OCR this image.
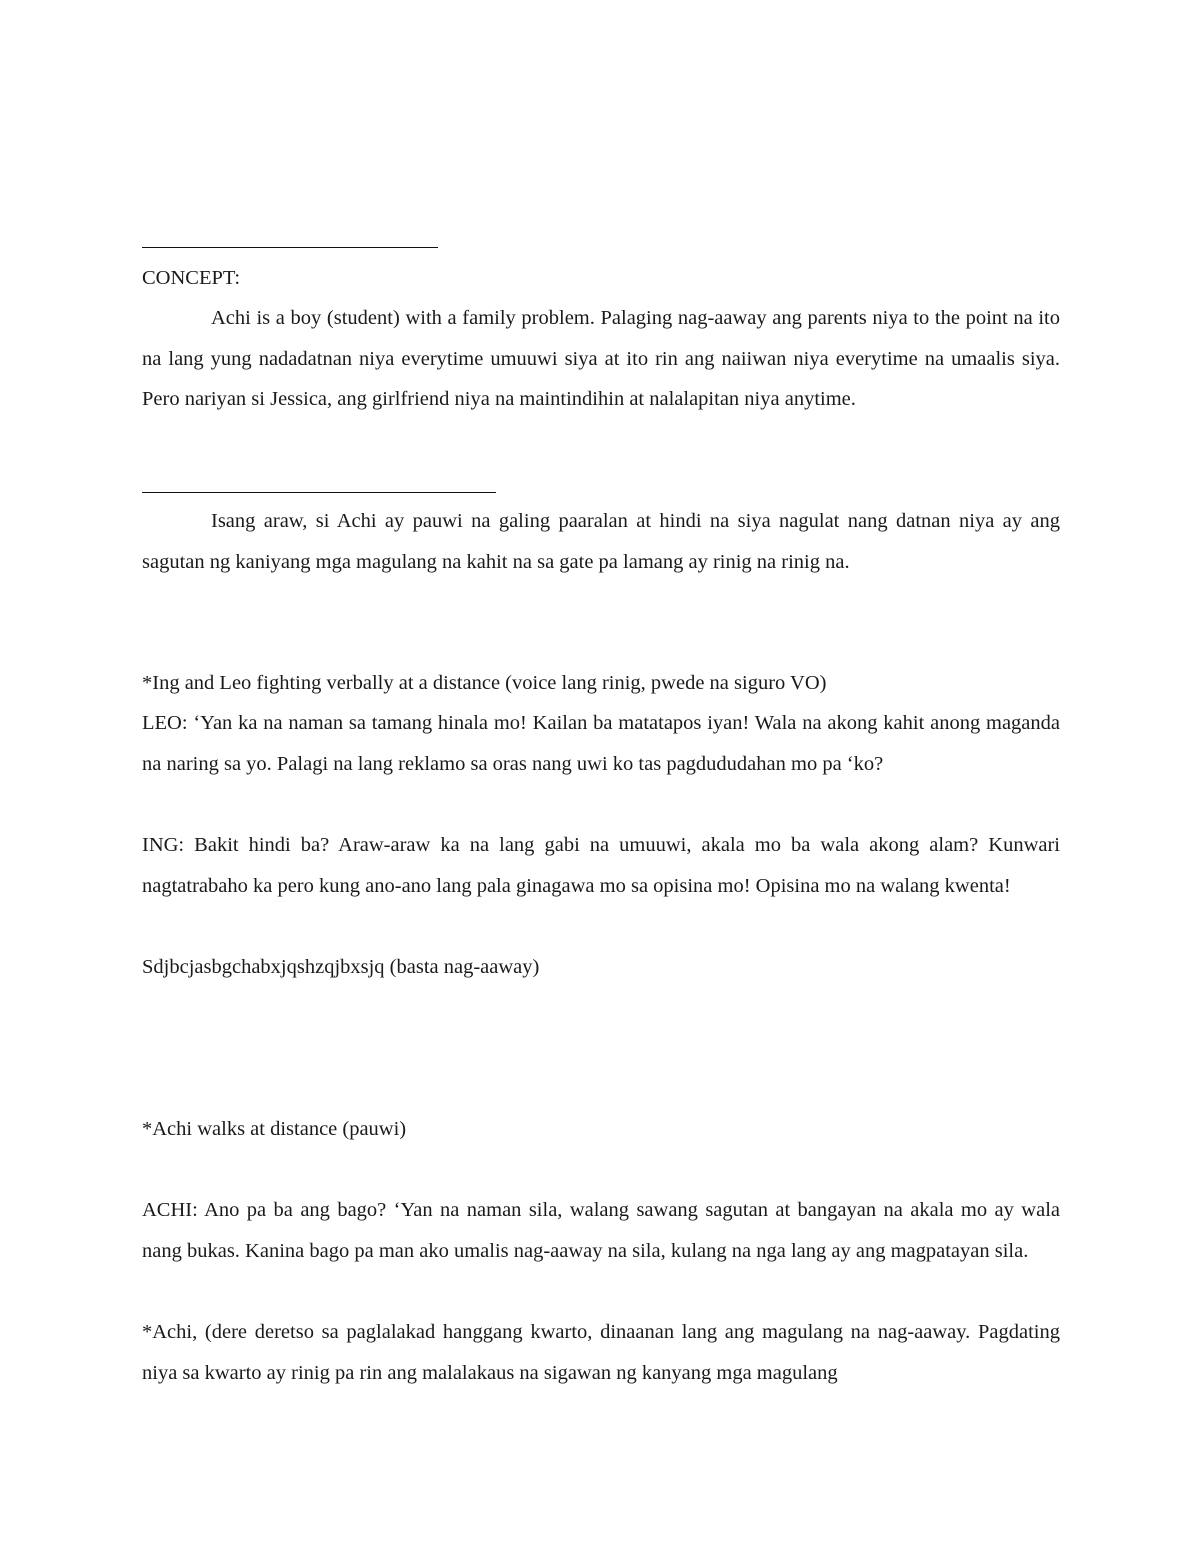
CONCEPT:

Achi is a boy (student) with a family problem. Palaging nag-aaway ang parents niya to the point na ito na lang yung nadadatnan niya everytime umuuwi siya at ito rin ang naiiwan niya everytime na umaalis siya. Pero nariyan si Jessica, ang girlfriend niya na maintindihin at nalalapitan niya anytime.

Isang araw, si Achi ay pauwi na galing paaralan at hindi na siya nagulat nang datnan niya ay ang sagutan ng kaniyang mga magulang na kahit na sa gate pa lamang ay rinig na rinig na.

*Ing and Leo fighting verbally at a distance (voice lang rinig, pwede na siguro VO)

LEO: ‘Yan ka na naman sa tamang hinala mo! Kailan ba matatapos iyan! Wala na akong kahit anong maganda na naring sa yo. Palagi na lang reklamo sa oras nang uwi ko tas pagdududahan mo pa ‘ko?

ING: Bakit hindi ba? Araw-araw ka na lang gabi na umuuwi, akala mo ba wala akong alam? Kunwari nagtatrabaho ka pero kung ano-ano lang pala ginagawa mo sa opisina mo! Opisina mo na walang kwenta!

Sdjbcjasbgchabxjqshzqjbxsjq (basta nag-aaway)

*Achi walks at distance (pauwi)

ACHI: Ano pa ba ang bago? ‘Yan na naman sila, walang sawang sagutan at bangayan na akala mo ay wala nang bukas. Kanina bago pa man ako umalis nag-aaway na sila, kulang na nga lang ay ang magpatayan sila.

*Achi, (dere deretso sa paglalakad hanggang kwarto, dinaanan lang ang magulang na nag-aaway. Pagdating niya sa kwarto ay rinig pa rin ang malalakaus na sigawan ng kanyang mga magulang
